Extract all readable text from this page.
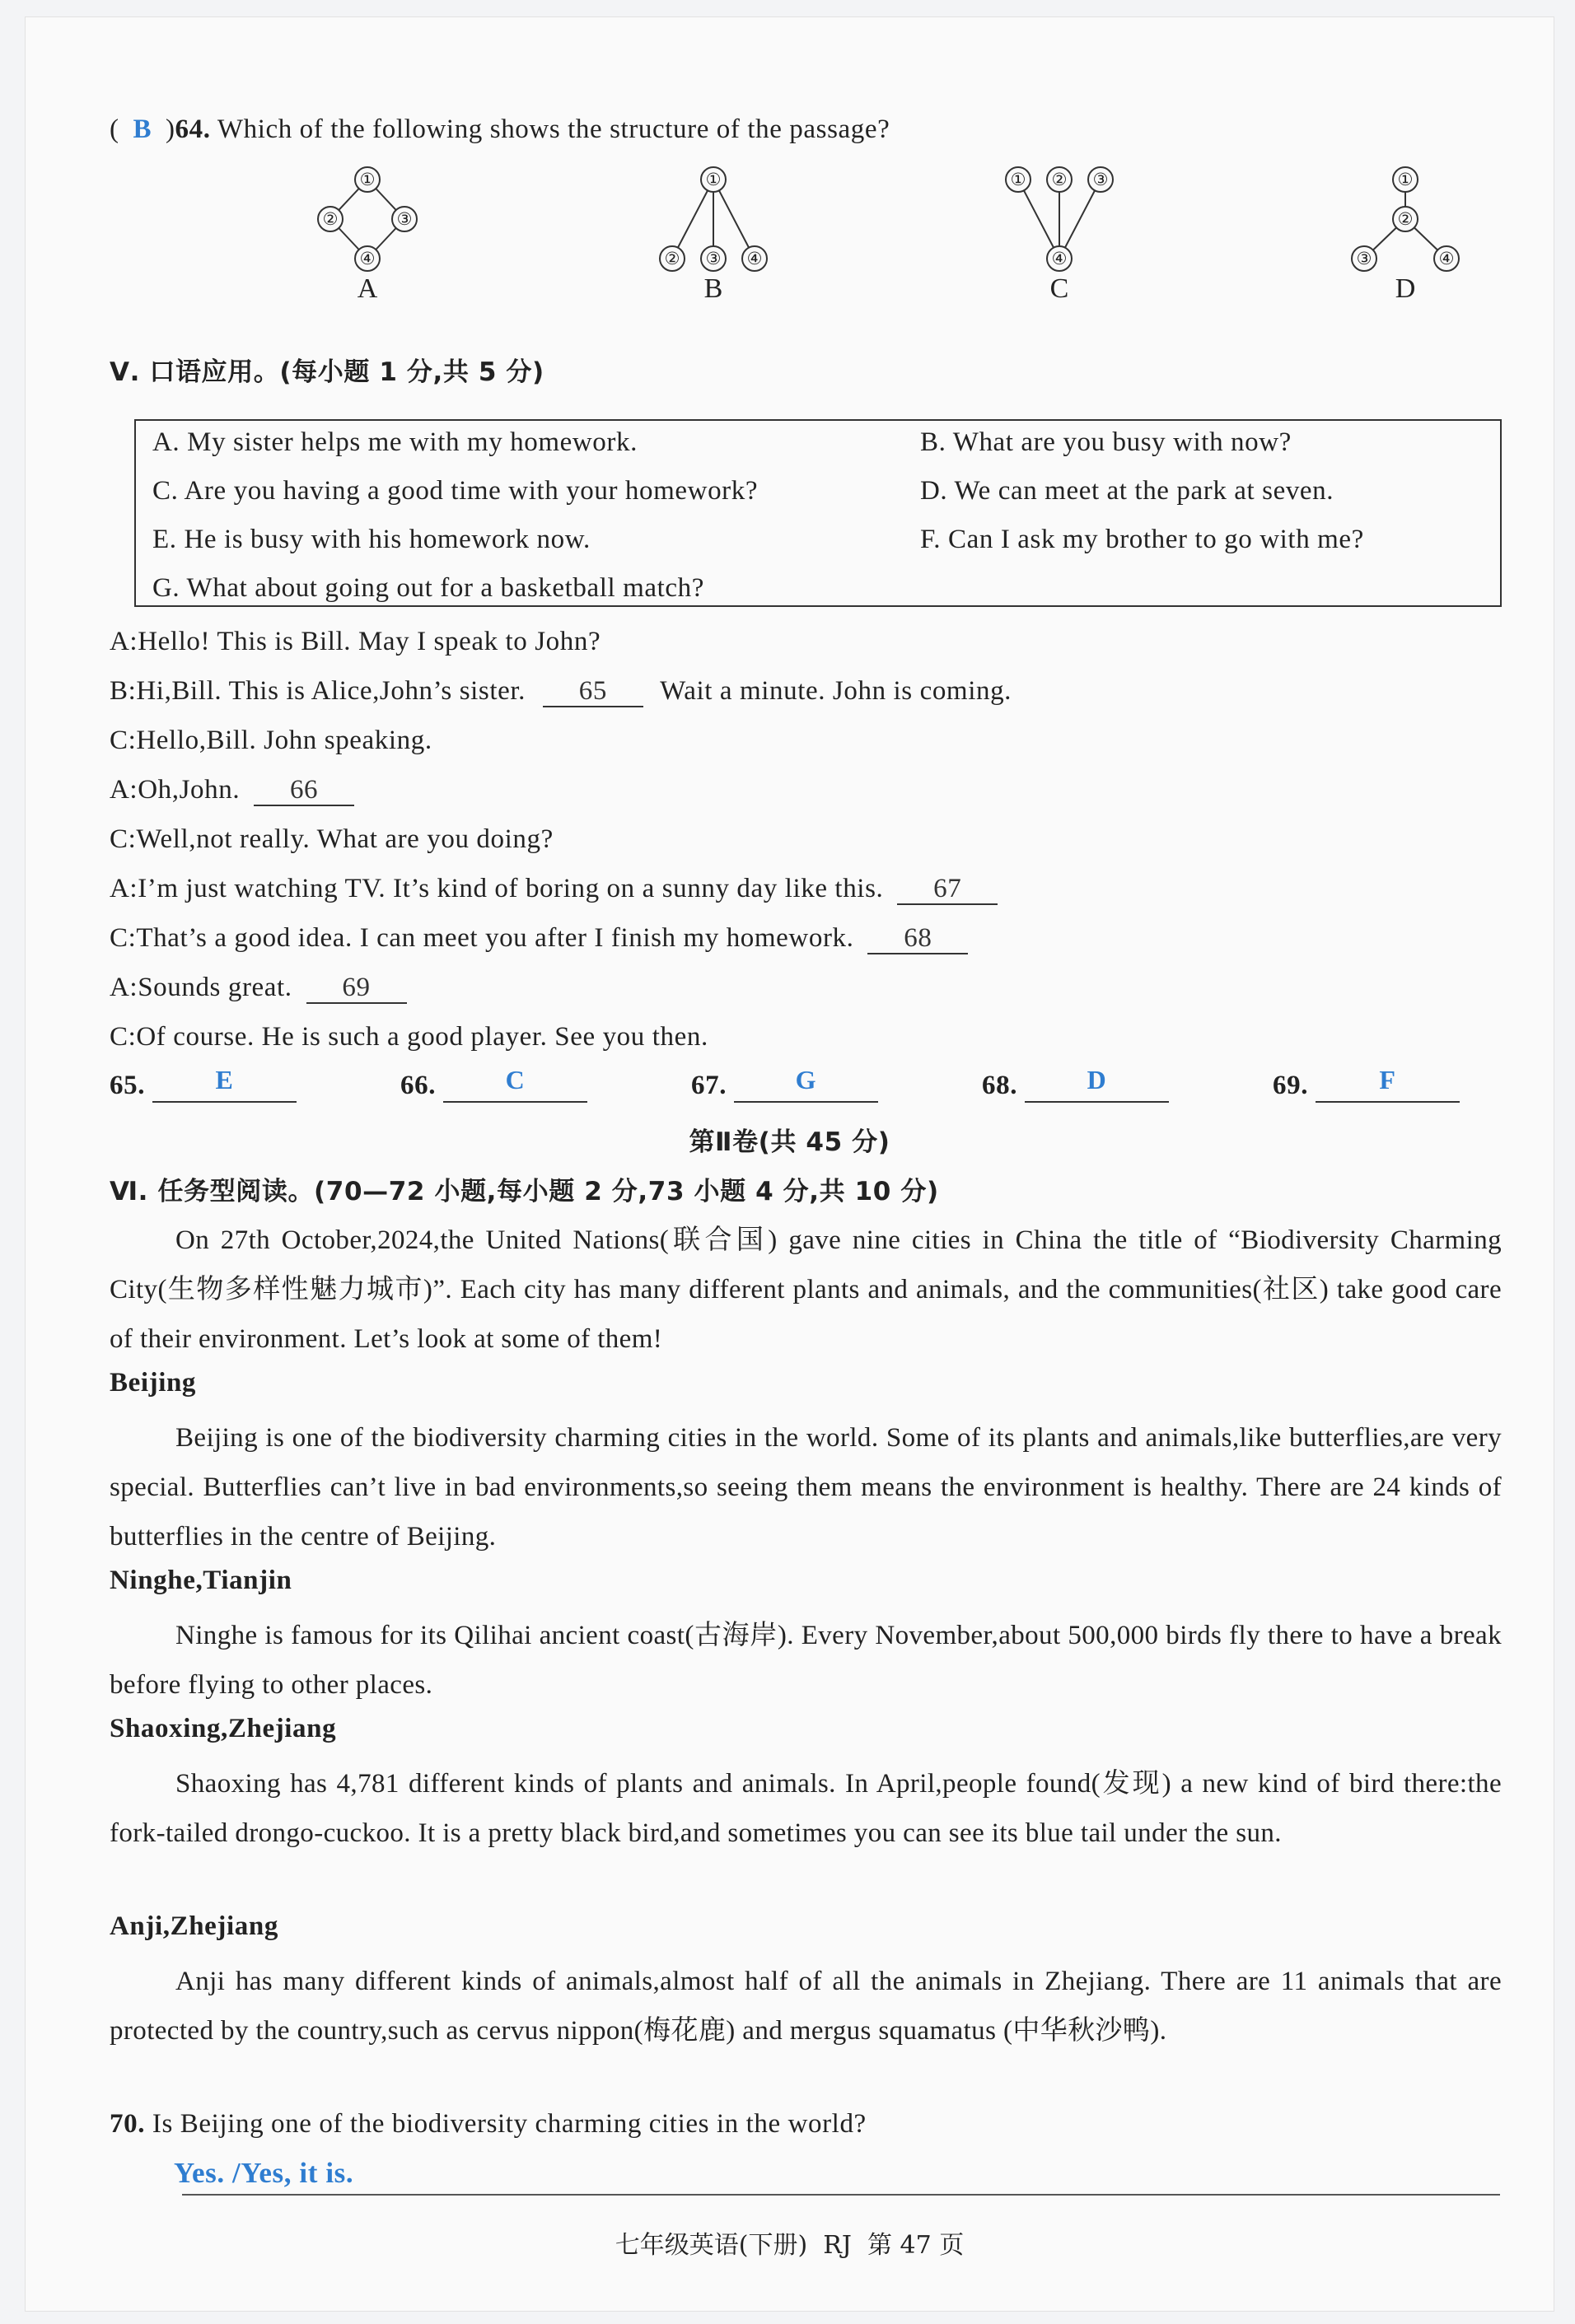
( B )64. Which of the following shows the structure of the passage?
①
②	③
④
①
② ③ ④
① ② ③
④
①
②
③	④
A	B	C	D
Ⅴ. 口语应用。(每小题 1 分,共 5 分)
A. My sister helps me with my homework.	B. What are you busy with now?
C. Are you having a good time with your homework?	D. We can meet at the park at seven.
E. He is busy with his homework now.	F. Can I ask my brother to go with me?
G. What about going out for a basketball match?
A:Hello! This is Bill. May I speak to John?
B:Hi,Bill. This is Alice,John’s sister. 65 Wait a minute. John is coming.
C:Hello,Bill. John speaking.
A:Oh,John. 66
C:Well,not really. What are you doing?
A:I’m just watching TV. It’s kind of boring on a sunny day like this. 67
C:That’s a good idea. I can meet you after I finish my homework. 68
A:Sounds great. 69
C:Of course. He is such a good player. See you then.
65.	E	66.	C	67.	G	68.	D	69.	F
第Ⅱ卷(共 45 分)
Ⅵ. 任务型阅读。(70—72 小题,每小题 2 分,73 小题 4 分,共 10 分)
On 27th October,2024,the United Nations(联合国) gave nine cities in China the title of “Biodiversity Charming City(生物多样性魅力城市)”. Each city has many different plants and animals, and the communities(社区) take good care of their environment. Let’s look at some of them!
Beijing
Beijing is one of the biodiversity charming cities in the world. Some of its plants and animals,like butterflies,are very special. Butterflies can’t live in bad environments,so seeing them means the environment is healthy. There are 24 kinds of butterflies in the centre of Beijing.
Ninghe,Tianjin
Ninghe is famous for its Qilihai ancient coast(古海岸). Every November,about 500,000 birds fly there to have a break before flying to other places.
Shaoxing,Zhejiang
Shaoxing has 4,781 different kinds of plants and animals. In April,people found(发现) a new kind of bird there:the fork-tailed drongo-cuckoo. It is a pretty black bird,and sometimes you can see its blue tail under the sun.
Anji,Zhejiang
Anji has many different kinds of animals,almost half of all the animals in Zhejiang. There are 11 animals that are protected by the country,such as cervus nippon(梅花鹿) and mergus squamatus (中华秋沙鸭).
70. Is Beijing one of the biodiversity charming cities in the world?
Yes. /Yes, it is.
七年级英语(下册)  RJ  第 47 页
